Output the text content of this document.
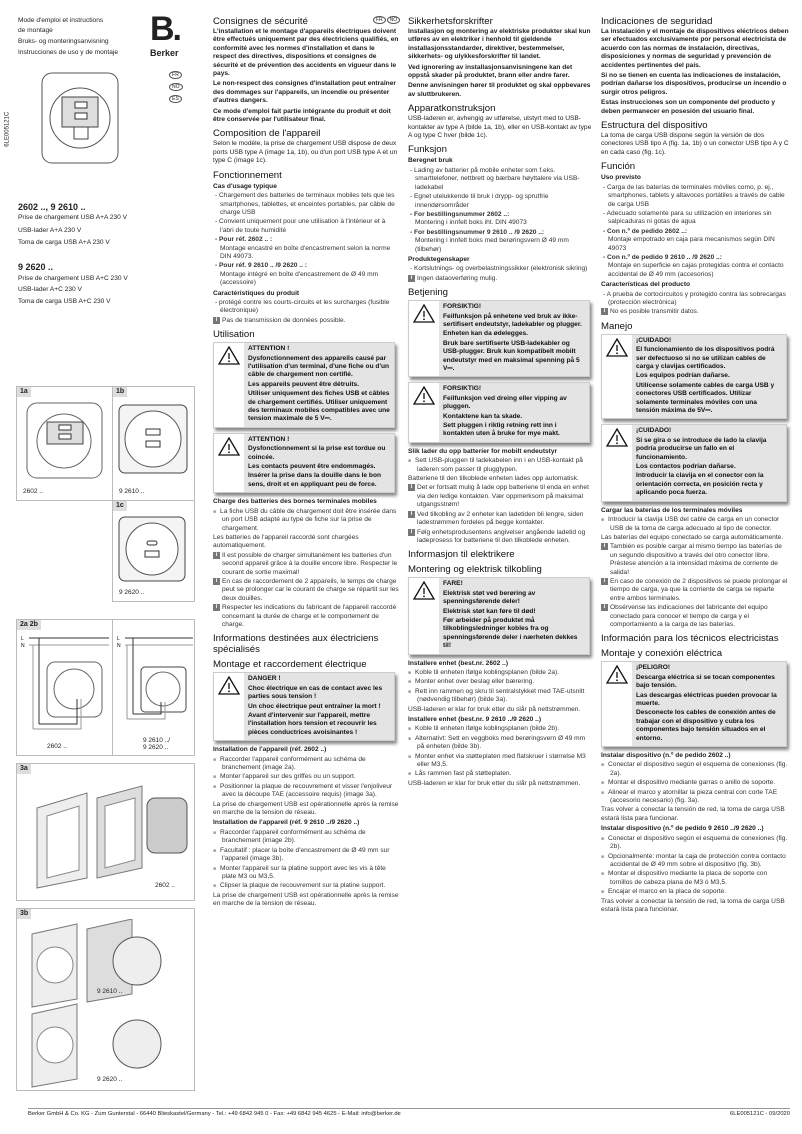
Mode d'emploi et instructions
de montage
Bruks- og monteringsanvisning
Instrucciones de uso y de montaje
B.
Berker
FR
NO
ES
6LE005121C
2602 .., 9 2610 ..
Prise de chargement USB A+A 230 V
USB-lader A+A 230 V
Toma de carga USB A+A 230 V
9 2620 ..
Prise de chargement USB A+C 230 V
USB-lader A+C 230 V
Toma de carga USB A+C 230 V
1a
2602 ..
1b
9 2610 ..
1c
9 2620 ..
2a 2b
L
N
2602 ..
L
N
9 2610 ../
9 2620 ..
3a
2602 ..
3b
9 2610 ..
9 2620 ..
Consignes de sécurité
L'installation et le montage d'appareils électriques doivent être effectués uniquement par des électriciens qualifiés, en conformité avec les normes d'installation et dans le respect des directives, dispositions et consignes de sécurité et de prévention des accidents en vigueur dans le pays.
Le non-respect des consignes d'installation peut entraîner des dommages sur l'appareils, un incendie ou présenter d'autres dangers.
Ce mode d'emploi fait partie intégrante du produit et doit être conservée par l'utilisateur final.
Composition de l'appareil
Selon le modèle, la prise de chargement USB dispose de deux ports USB type A (image 1a, 1b), ou d'un port USB type A et un type C (image 1c).
Fonctionnement
Cas d'usage typique
- Chargement des batteries de terminaux mobiles tels que les smartphones, tablettes, et enceintes portables, par câble de charge USB
- Convient uniquement pour une utilisation à l'intérieur et à l'abri de toute humidité
- Pour réf. 2602 .. :
Montage encastré en boîte d'encastrement selon la norme DIN 49073.
- Pour réf. 9 2610 .. /9 2620 .. :
Montage intégré en boîte d'encastrement de Ø 49 mm (accessoire)
Caractéristiques du produit
- protégé contre les courts-circuits et les surcharges (fusible électronique)
i Pas de transmission de données possible.
Utilisation
ATTENTION !
Dysfonctionnement des appareils causé par l'utilisation d'un terminal, d'une fiche ou d'un câble de chargement non certifié.
Les appareils peuvent être détruits.
Utiliser uniquement des fiches USB et câbles de chargement certifiés. Utiliser uniquement des terminaux mobiles compatibles avec une tension maximale de 5 V⎓.
ATTENTION !
Dysfonctionnement si la prise est tordue ou coincée.
Les contacts peuvent être endommagés.
Insérer la prise dans la douille dans le bon sens, droit et en appliquant peu de force.
Charge des batteries des bornes terminales mobiles
■ La fiche USB du câble de chargement doit être insérée dans un port USB adapté au type de fiche sur la prise de chargement.
Les batteries de l'appareil raccordé sont chargées automatiquement.
i Il est possible de charger simultanément les batteries d'un second appareil grâce à la douille encore libre. Respecter le courant de sortie maximal!
i En cas de raccordement de 2 appareils, le temps de charge peut se prolonger car le courant de charge se répartit sur les deux douilles.
i Respecter les indications du fabricant de l'appareil raccordé concernant la durée de charge et le comportement de charge.
Informations destinées aux électriciens spécialisés
Montage et raccordement électrique
DANGER !
Choc électrique en cas de contact avec les parties sous tension !
Un choc électrique peut entraîner la mort !
Avant d'intervenir sur l'appareil, mettre l'installation hors tension et recouvrir les pièces conductrices avoisinantes !
Installation de l'appareil (réf. 2602 ..)
■ Raccorder l'appareil conformément au schéma de branchement (image 2a).
■ Monter l'appareil sur des griffes ou un support.
■ Positionner la plaque de recouvrement et visser l'enjoliveur avec la découpe TAE (accessoire requis) (image 3a).
La prise de chargement USB est opérationnelle après la remise en marche de la tension de réseau.
Installation de l'appareil (réf. 9 2610 ../9 2620 ..)
■ Raccorder l'appareil conformément au schéma de branchement (image 2b).
■ Facultatif : placer la boîte d'encastrement de Ø 49 mm sur l'appareil (image 3b).
■ Monter l'appareil sur la platine support avec les vis à tête plate M3 ou M3,5.
■ Clipser la plaque de recouvrement sur la platine support.
La prise de chargement USB est opérationnelle après la remise en marche de la tension de réseau.
Sikkerhetsforskrifter
Installasjon og montering av elektriske produkter skal kun utføres av en elektriker i henhold til gjeldende installasjonsstandarder, direktiver, bestemmelser, sikkerhets- og ulykkesforskrifter til landet.
Ved ignorering av installasjonsanvisningene kan det oppstå skader på produktet, brann eller andre farer.
Denne anvisningen hører til produktet og skal oppbevares av sluttbrukeren.
Apparatkonstruksjon
USB-laderen er, avhengig av utførelse, utstyrt med to USB-kontakter av type A (bilde 1a, 1b), eller en USB-kontakt av type A og type C hver (bilde 1c).
Funksjon
Beregnet bruk
- Lading av batterier på mobile enheter som f.eks. smarttelefoner, nettbrett og bærbare høyttalere via USB-ladekabel
- Egnet utelukkende til bruk i drypp- og sprutfrie innendørsområder
- For bestillingsnummer 2602 ..:
Montering i innfelt boks iht. DIN 49073
- For bestillingsnummer 9 2610 .. /9 2620 ..:
Montering i innfelt boks med berøringsvern Ø 49 mm (tilbehør)
Produktegenskaper
- Kortslutnings- og overbelastningssikker (elektronisk sikring)
i Ingen dataoverføring mulig.
Betjening
FORSIKTIG!
Feilfunksjon på enhetene ved bruk av ikke-sertifisert endeutstyr, ladekabler og plugger.
Enheten kan da ødelegges.
Bruk bare sertifiserte USB-ladekabler og USB-plugger. Bruk kun kompatibelt mobilt endeutstyr med en maksimal spenning på 5 V⎓.
FORSIKTIG!
Feilfunksjon ved dreing eller vipping av pluggen.
Kontaktene kan ta skade.
Sett pluggen i riktig retning rett inn i kontakten uten å bruke for mye makt.
Slik lader du opp batterier for mobilt endeutstyr
■ Sett USB-pluggen til ladekabelen inn i en USB-kontakt på laderen som passer til pluggtypen.
Batteriene til den tilkoblede enheten lades opp automatisk.
i Det er fortsatt mulig å lade opp batteriene til enda en enhet via den ledige kontakten. Vær oppmerksom på maksimal utgangsstrøm!
i Ved tilkobling av 2 enheter kan ladetiden bli lengre, siden ladestrømmen fordeles på begge kontakter.
i Følg enhetsprodusentens angivelser angående ladetid og ladeprosess for batteriene til den tilkoblede enheten.
Informasjon til elektrikere
Montering og elektrisk tilkobling
FARE!
Elektrisk støt ved berøring av spenningsførende deler!
Elektrisk støt kan føre til død!
Før arbeider på produktet må tilkoblingsledninger kobles fra og spenningsførende deler i nærheten dekkes til!
Installere enhet (best.nr. 2602 ..)
■ Koble til enheten ifølge koblingsplanen (bilde 2a).
■ Monter enhet over beslag eller bærering.
■ Rett inn rammen og skru til sentralstykket med TAE-utsnitt (nødvendig tilbehør) (bilde 3a).
USB-laderen er klar for bruk etter du slår på nettstrømmen.
Installere enhet (best.nr. 9 2610 ../9 2620 ..)
■ Koble til enheten ifølge koblingsplanen (bilde 2b).
■ Alternativt: Sett en veggboks med berøringsvern Ø 49 mm på enheten (bilde 3b).
■ Monter enhet via støtteplaten med flatskruer i størrelse M3 eller M3,5.
■ Lås rammen fast på støtteplaten.
USB-laderen er klar for bruk etter du slår på nettstrømmen.
Indicaciones de seguridad
La instalación y el montaje de dispositivos eléctricos deben ser efectuados exclusivamente por personal electricista de acuerdo con las normas de instalación, directivas, disposiciones y normas de seguridad y prevención de accidentes pertinentes del país.
Si no se tienen en cuenta las indicaciones de instalación, podrían dañarse los dispositivos, producirse un incendio o surgir otros peligros.
Estas instrucciones son un componente del producto y deben permanecer en posesión del usuario final.
Estructura del dispositivo
La toma de carga USB dispone según la versión de dos conectores USB tipo A (fig. 1a, 1b) o un conector USB tipo A y C en cada caso (fig. 1c).
Función
Uso previsto
- Carga de las baterías de terminales móviles como, p. ej., smartphones, tablets y altavoces portátiles a través de cable de carga USB
- Adecuado solamente para su utilización en interiores sin salpicaduras ni gotas de agua
- Con n.º de pedido 2602 ..:
Montaje empotrado en caja para mecanismos según DIN 49073
- Con n.º de pedido 9 2610 .. /9 2620 ..:
Montaje en superficie en cajas protegidas contra el contacto accidental de Ø 49 mm (accesorios)
Características del producto
- A prueba de cortocircuitos y protegido contra las sobrecargas (protección electrónica)
i No es posible transmitir datos.
Manejo
¡CUIDADO!
El funcionamiento de los dispositivos podrá ser defectuoso si no se utilizan cables de carga y clavijas certificados.
Los equipos podrían dañarse.
Utilícense solamente cables de carga USB y conectores USB certificados. Utilizar solamente terminales móviles con una tensión máxima de 5V⎓.
¡CUIDADO!
Si se gira o se introduce de lado la clavija podría producirse un fallo en el funcionamiento.
Los contactos podrían dañarse.
Introducir la clavija en el conector con la orientación correcta, en posición recta y aplicando poca fuerza.
Cargar las baterías de los terminales móviles
■ Introducir la clavija USB del cable de carga en un conector USB de la toma de carga adecuado al tipo de conector.
Las baterías del equipo conectado se carga automáticamente.
i También es posible cargar al mismo tiempo las baterías de un segundo dispositivo a través del otro conector libre. Préstese atención a la intensidad máxima de corriente de salida!
i En caso de conexión de 2 dispositivos se puede prolongar el tiempo de carga, ya que la corriente de carga se reparte entre ambos terminales.
i Obsérvense las indicaciones del fabricante del equipo conectado para conocer el tiempo de carga y el comportamiento a la carga de las baterías.
Información para los técnicos electricistas
Montaje y conexión eléctrica
¡PELIGRO!
Descarga eléctrica si se tocan componentes bajo tensión.
Las descargas eléctricas pueden provocar la muerte.
Desconecte los cables de conexión antes de trabajar con el dispositivo y cubra los componentes bajo tensión situados en el entorno.
Instalar dispositivo (n.º de pedido 2602 ..)
■ Conectar el dispositivo según el esquema de conexiones (fig. 2a).
■ Montar el dispositivo mediante garras o anillo de soporte.
■ Alinear el marco y atornillar la pieza central con corte TAE (accesorio necesario) (fig. 3a).
Tras volver a conectar la tensión de red, la toma de carga USB estará lista para funcionar.
Instalar dispositivo (n.º de pedido 9 2610 ../9 2620 ..)
■ Conectar el dispositivo según el esquema de conexiones (fig. 2b).
■ Opcionalmente: montar la caja de protección contra contacto accidental de Ø 49 mm sobre el dispositivo (fig. 3b).
■ Montar el dispositivo mediante la placa de soporte con tornillos de cabeza plana de M3 ó M3,5.
■ Encajar el marco en la placa de soporte.
Tras volver a conectar la tensión de red, la toma de carga USB estará lista para funcionar.
FR NO
Berker GmbH & Co. KG - Zum Gunterstal - 66440 Blieskastel/Germany - Tel.: +49 6842 945 0 - Fax: +49 6842 945 4625 - E-Mail: info@berker.de	6LE005121C - 09/2020
